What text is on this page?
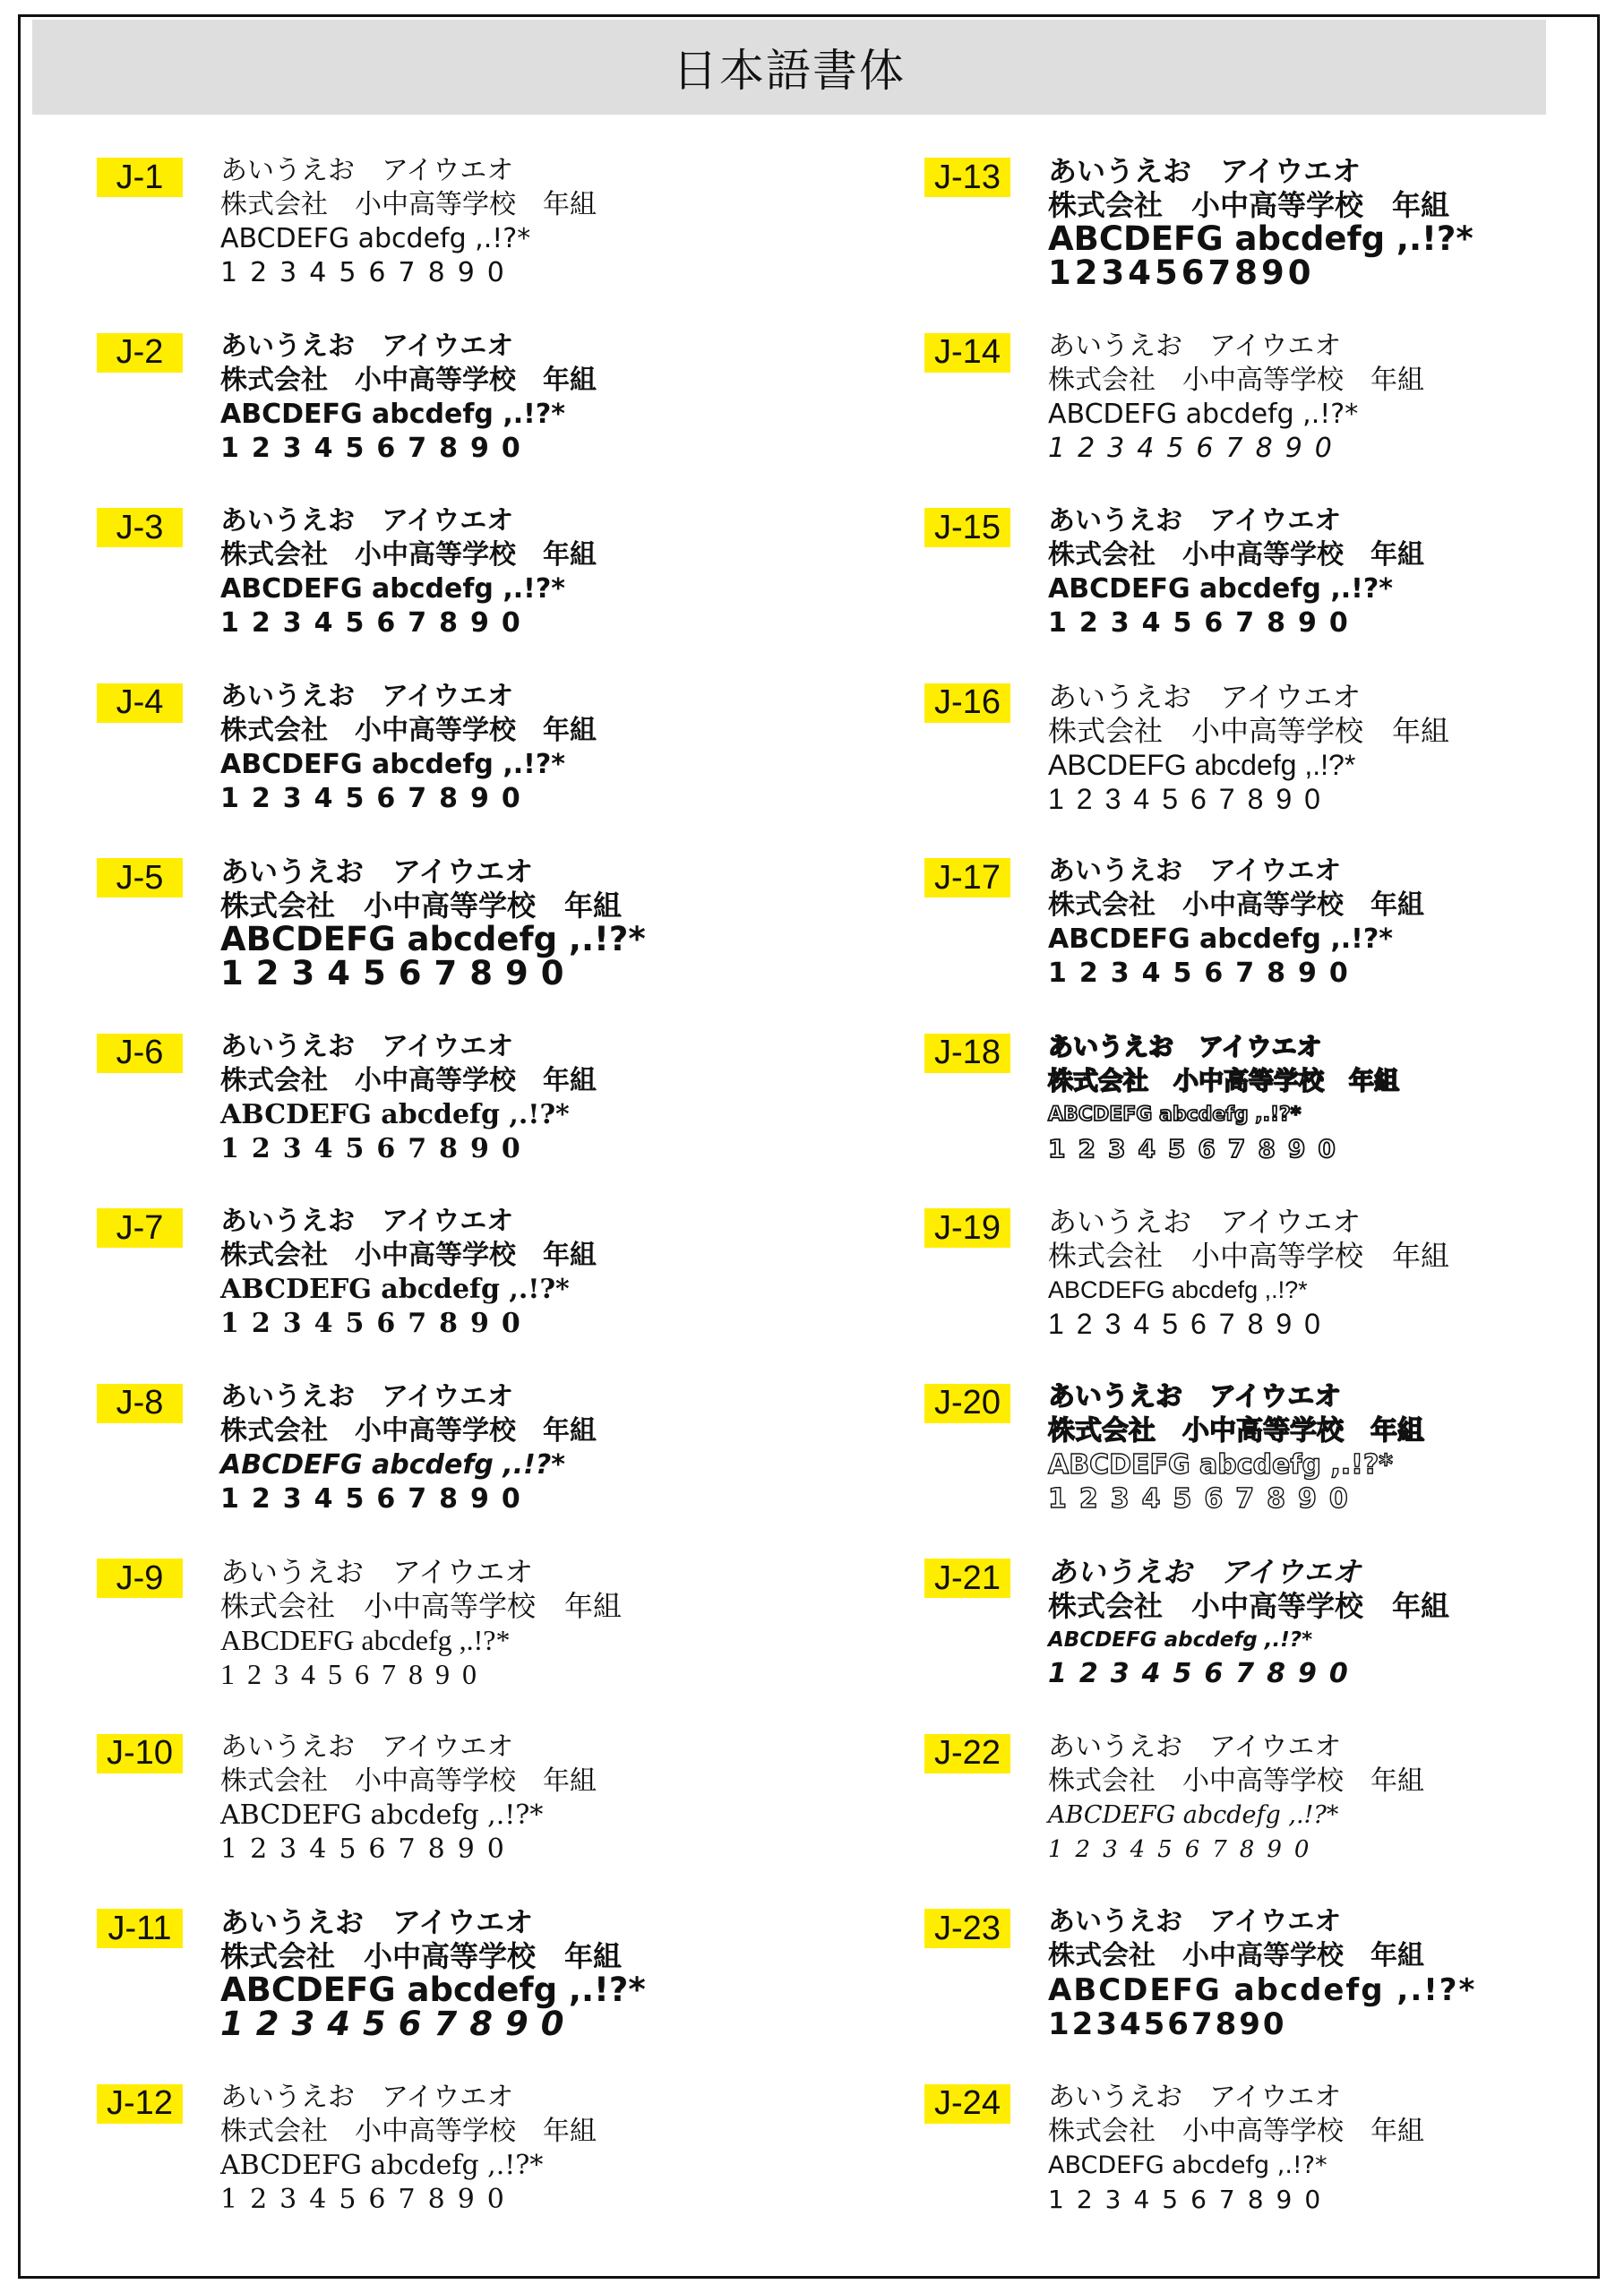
日本語書体
J-1	あいうえお　アイウエオ
株式会社　小中高等学校　年組
ABCDEFG abcdefg ,.!?*
1234567890
J-2	あいうえお　アイウエオ
株式会社　小中高等学校　年組
ABCDEFG abcdefg ,.!?*
1234567890
J-3	あいうえお　アイウエオ
株式会社　小中高等学校　年組
ABCDEFG abcdefg ,.!?*
1234567890
J-4	あいうえお　アイウエオ
株式会社　小中高等学校　年組
ABCDEFG abcdefg ,.!?*
1234567890
J-5	あいうえお　アイウエオ
株式会社　小中高等学校　年組
ABCDEFG abcdefg ,.!?*
1234567890
J-6	あいうえお　アイウエオ
株式会社　小中高等学校　年組
ABCDEFG abcdefg ,.!?*
1234567890
J-7	あいうえお　アイウエオ
株式会社　小中高等学校　年組
ABCDEFG abcdefg ,.!?*
1234567890
J-8	あいうえお　アイウエオ
株式会社　小中高等学校　年組
ABCDEFG abcdefg ,.!?*
1234567890
J-9	あいうえお　アイウエオ
株式会社　小中高等学校　年組
ABCDEFG abcdefg ,.!?*
1234567890
J-10	あいうえお　アイウエオ
株式会社　小中高等学校　年組
ABCDEFG abcdefg ,.!?*
1234567890
J-11	あいうえお　アイウエオ
株式会社　小中高等学校　年組
ABCDEFG abcdefg ,.!?*
1234567890
J-12	あいうえお　アイウエオ
株式会社　小中高等学校　年組
ABCDEFG abcdefg ,.!?*
1234567890
J-13	あいうえお　アイウエオ
株式会社　小中高等学校　年組
ABCDEFG abcdefg ,.!?*
1234567890
J-14	あいうえお　アイウエオ
株式会社　小中高等学校　年組
ABCDEFG abcdefg ,.!?*
1234567890
J-15	あいうえお　アイウエオ
株式会社　小中高等学校　年組
ABCDEFG abcdefg ,.!?*
1234567890
J-16	あいうえお　アイウエオ
株式会社　小中高等学校　年組
ABCDEFG abcdefg ,.!?*
1234567890
J-17	あいうえお　アイウエオ
株式会社　小中高等学校　年組
ABCDEFG abcdefg ,.!?*
1234567890
J-18	あいうえお　アイウエオ
株式会社　小中高等学校　年組
ABCDEFG abcdefg ,.!?*
1234567890
J-19	あいうえお　アイウエオ
株式会社　小中高等学校　年組
ABCDEFG abcdefg ,.!?*
1234567890
J-20	あいうえお　アイウエオ
株式会社　小中高等学校　年組
ABCDEFG abcdefg ,.!?*
1234567890
J-21	あいうえお　アイウエオ
株式会社　小中高等学校　年組
ABCDEFG abcdefg ,.!?*
1234567890
J-22	あいうえお　アイウエオ
株式会社　小中高等学校　年組
ABCDEFG abcdefg ,.!?*
1234567890
J-23	あいうえお　アイウエオ
株式会社　小中高等学校　年組
ABCDEFG abcdefg ,.!?*
1234567890
J-24	あいうえお　アイウエオ
株式会社　小中高等学校　年組
ABCDEFG abcdefg ,.!?*
1234567890
